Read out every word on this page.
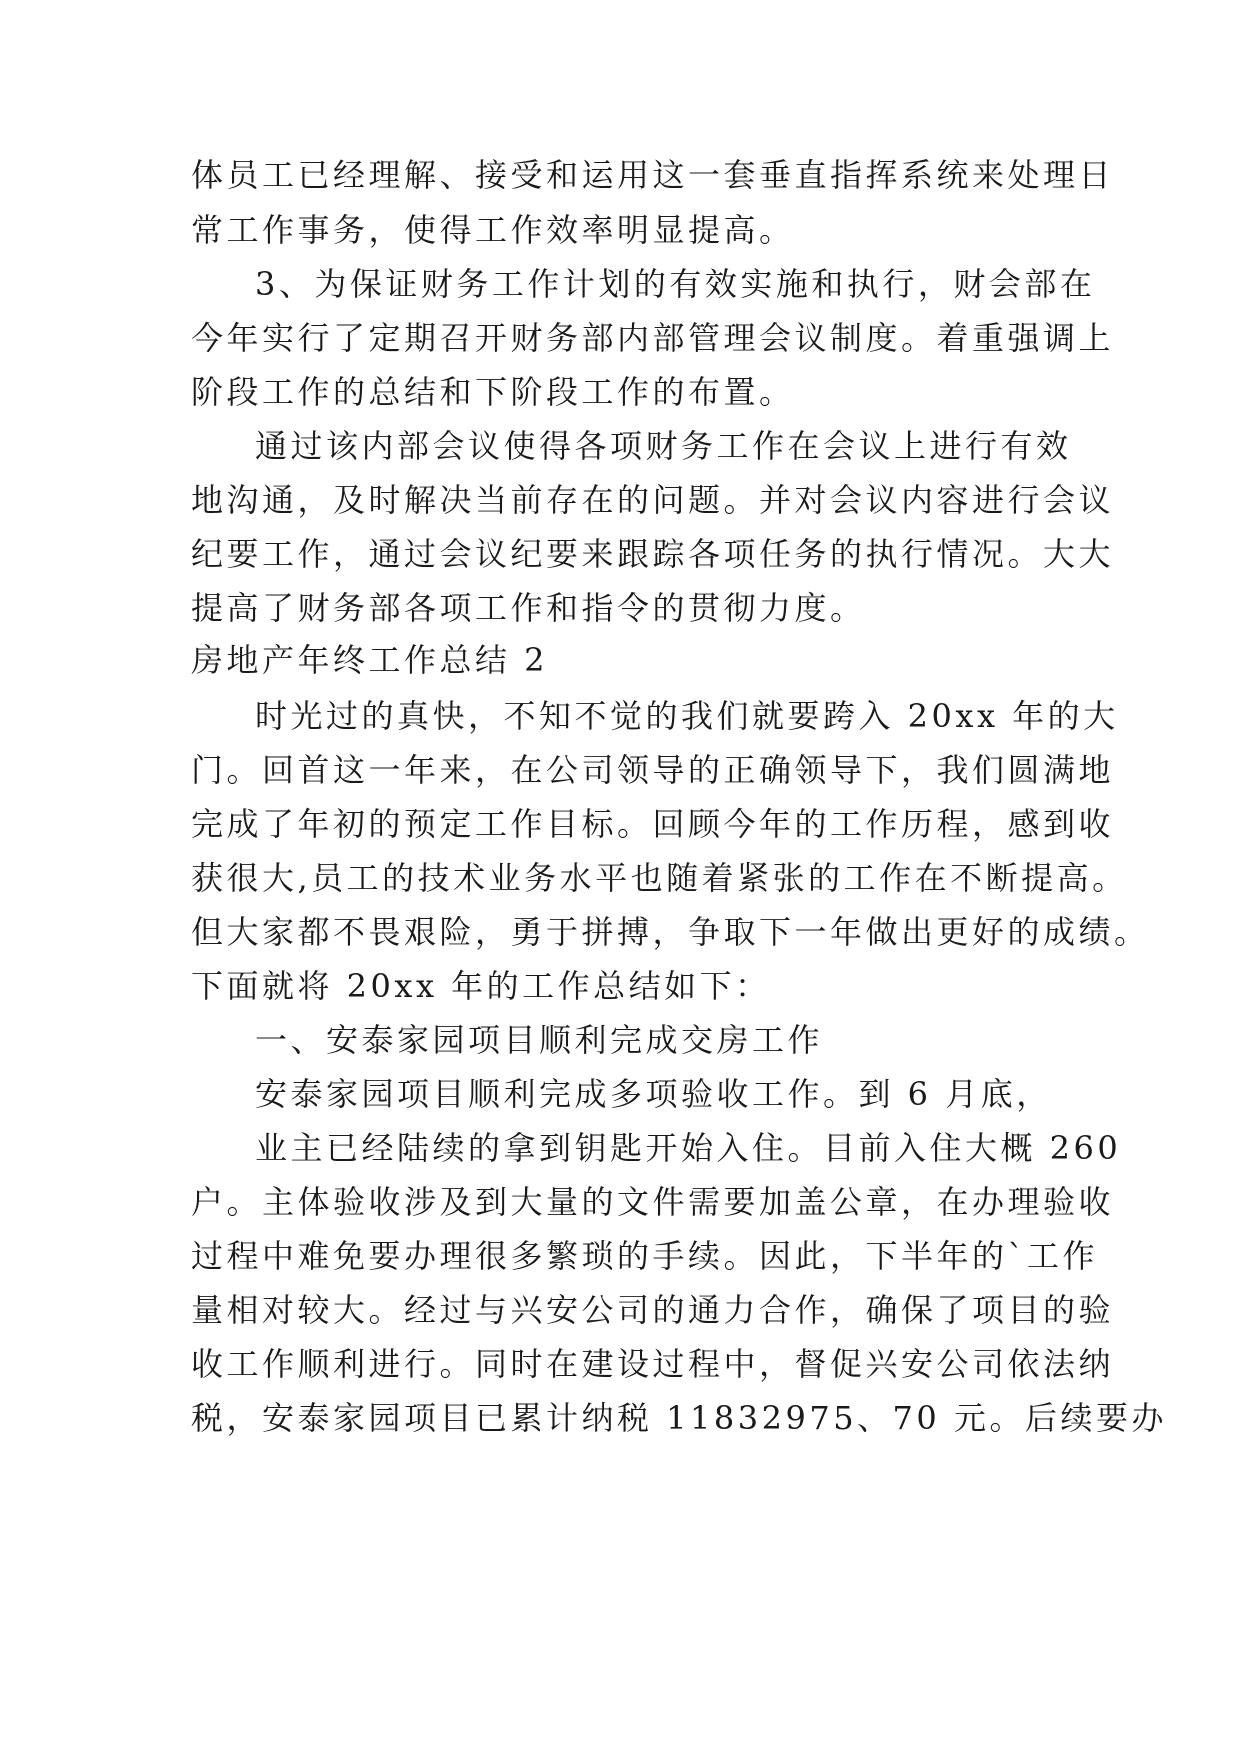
体员工已经理解、接受和运用这一套垂直指挥系统来处理日
常工作事务，使得工作效率明显提高。
3、为保证财务工作计划的有效实施和执行，财会部在
今年实行了定期召开财务部内部管理会议制度。着重强调上
阶段工作的总结和下阶段工作的布置。
通过该内部会议使得各项财务工作在会议上进行有效
地沟通，及时解决当前存在的问题。并对会议内容进行会议
纪要工作，通过会议纪要来跟踪各项任务的执行情况。大大
提高了财务部各项工作和指令的贯彻力度。
房地产年终工作总结 2
时光过的真快，不知不觉的我们就要跨入 20xx 年的大
门。回首这一年来，在公司领导的正确领导下，我们圆满地
完成了年初的预定工作目标。回顾今年的工作历程，感到收
获很大,员工的技术业务水平也随着紧张的工作在不断提高。
但大家都不畏艰险，勇于拼搏，争取下一年做出更好的成绩。
下面就将 20xx 年的工作总结如下：
一、安泰家园项目顺利完成交房工作
安泰家园项目顺利完成多项验收工作。到 6 月底，
业主已经陆续的拿到钥匙开始入住。目前入住大概 260
户。主体验收涉及到大量的文件需要加盖公章，在办理验收
过程中难免要办理很多繁琐的手续。因此，下半年的`工作
量相对较大。经过与兴安公司的通力合作，确保了项目的验
收工作顺利进行。同时在建设过程中，督促兴安公司依法纳
税，安泰家园项目已累计纳税 11832975、70 元。后续要办
